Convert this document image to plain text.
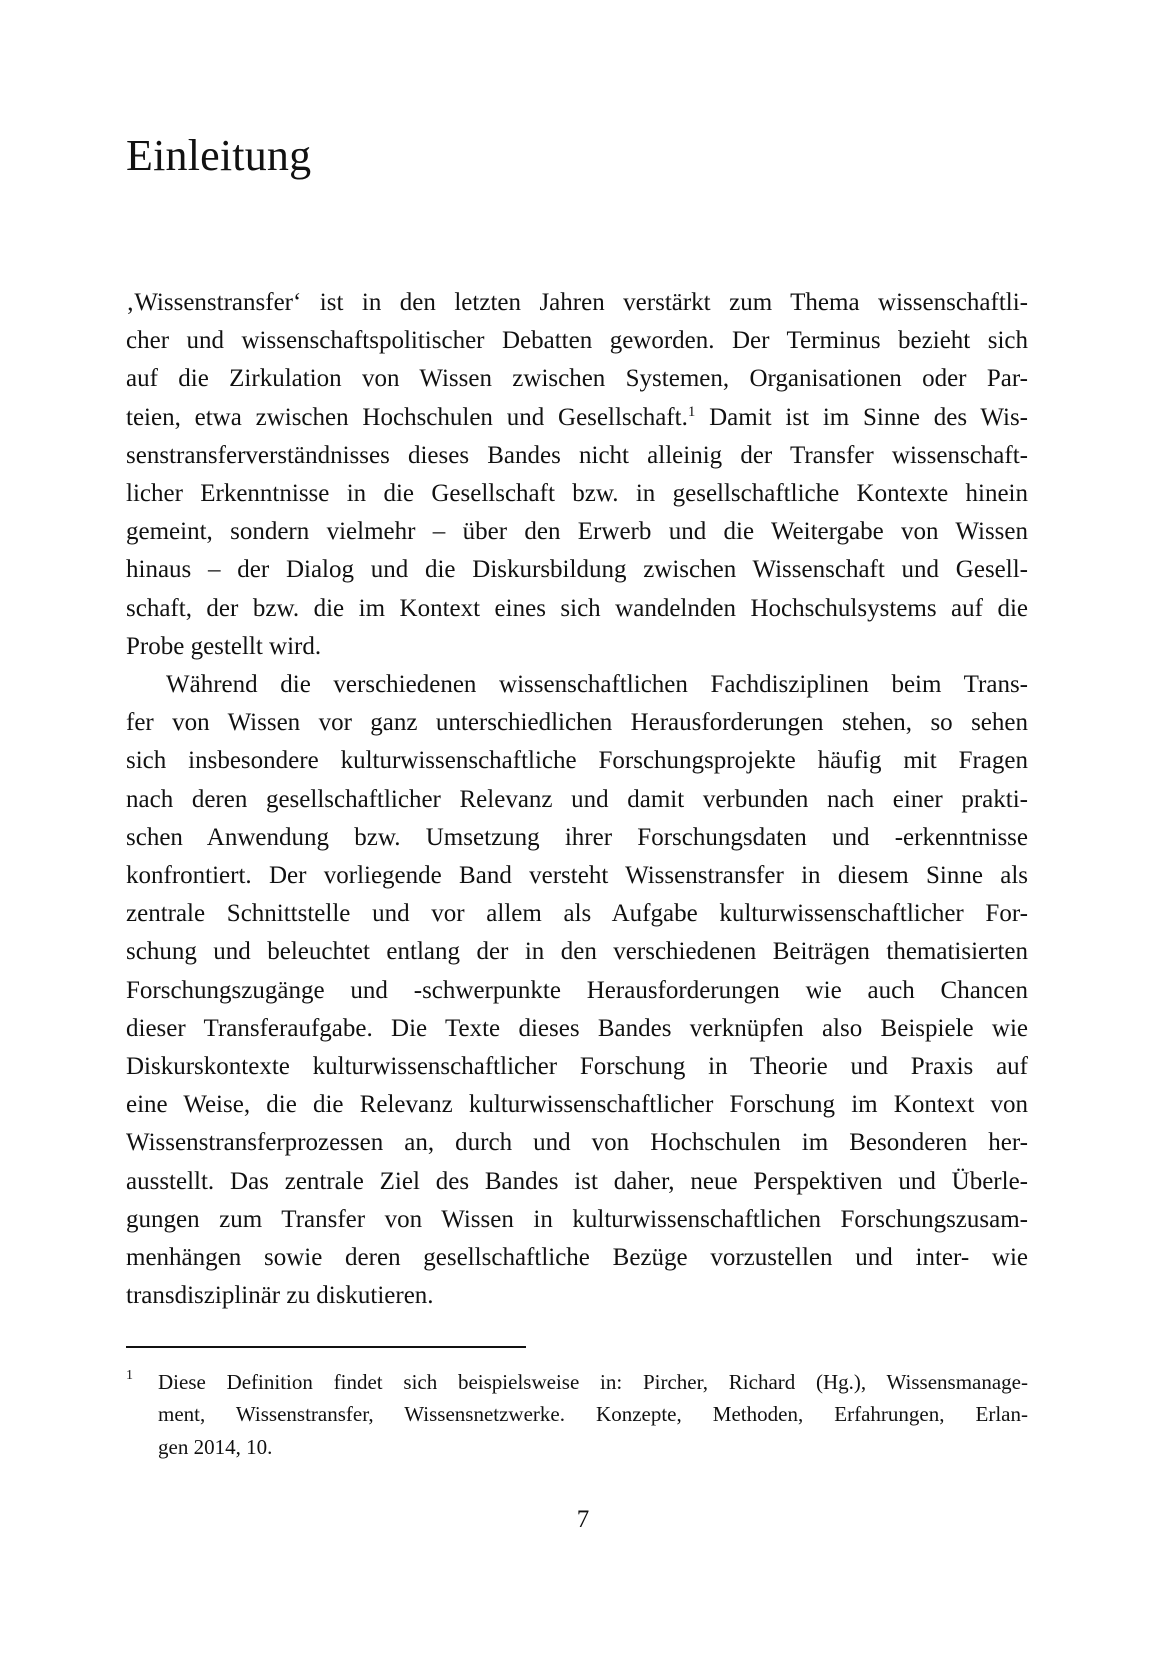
Einleitung

‚Wissenstransfer‘ ist in den letzten Jahren verstärkt zum Thema wissenschaftli-
cher und wissenschaftspolitischer Debatten geworden. Der Terminus bezieht sich
auf die Zirkulation von Wissen zwischen Systemen, Organisationen oder Par-
teien, etwa zwischen Hochschulen und Gesellschaft.$^1$ Damit ist im Sinne des Wis-
senstransferverständnisses dieses Bandes nicht alleinig der Transfer wissenschaft-
licher Erkenntnisse in die Gesellschaft bzw. in gesellschaftliche Kontexte hinein
gemeint, sondern vielmehr – über den Erwerb und die Weitergabe von Wissen
hinaus – der Dialog und die Diskursbildung zwischen Wissenschaft und Gesell-
schaft, der bzw. die im Kontext eines sich wandelnden Hochschulsystems auf die
Probe gestellt wird.

Während die verschiedenen wissenschaftlichen Fachdisziplinen beim Trans-
fer von Wissen vor ganz unterschiedlichen Herausforderungen stehen, so sehen
sich insbesondere kulturwissenschaftliche Forschungsprojekte häufig mit Fragen
nach deren gesellschaftlicher Relevanz und damit verbunden nach einer prakti-
schen Anwendung bzw. Umsetzung ihrer Forschungsdaten und -erkenntnisse
konfrontiert. Der vorliegende Band versteht Wissenstransfer in diesem Sinne als
zentrale Schnittstelle und vor allem als Aufgabe kulturwissenschaftlicher For-
schung und beleuchtet entlang der in den verschiedenen Beiträgen thematisierten
Forschungszugänge und -schwerpunkte Herausforderungen wie auch Chancen
dieser Transferaufgabe. Die Texte dieses Bandes verknüpfen also Beispiele wie
Diskurskontexte kulturwissenschaftlicher Forschung in Theorie und Praxis auf
eine Weise, die die Relevanz kulturwissenschaftlicher Forschung im Kontext von
Wissenstransferprozessen an, durch und von Hochschulen im Besonderen her-
ausstellt. Das zentrale Ziel des Bandes ist daher, neue Perspektiven und Überle-
gungen zum Transfer von Wissen in kulturwissenschaftlichen Forschungszusam-
menhängen sowie deren gesellschaftliche Bezüge vorzustellen und inter- wie
transdisziplinär zu diskutieren.

1 Diese Definition findet sich beispielsweise in: Pircher, Richard (Hg.), Wissensmanage-
ment, Wissenstransfer, Wissensnetzwerke. Konzepte, Methoden, Erfahrungen, Erlan-
gen 2014, 10.
7
